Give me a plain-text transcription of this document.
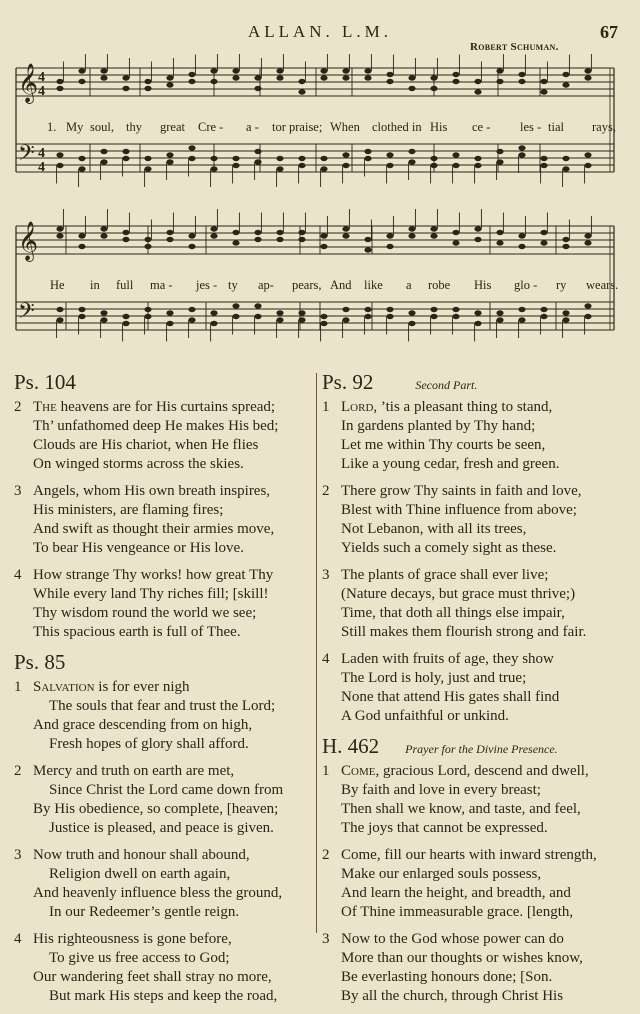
ALLAN. L.M.	67
Robert Schuman.
𝄞
𝄢
4
4
4
4
𝄞
𝄢
1. My soul, thy great Cre - a - tor praise; When clothed in His ce - les - tial rays,
He in full ma - jes - ty ap- pears, And like a robe His glo - ry wears.
Ps. 104
2 The heavens are for His curtains spread;
Th’ unfathomed deep He makes His bed;
Clouds are His chariot, when He flies
On winged storms across the skies.
3 Angels, whom His own breath inspires,
His ministers, are flaming fires;
And swift as thought their armies move,
To bear His vengeance or His love.
4 How strange Thy works! how great Thy
While every land Thy riches fill; [skill!
Thy wisdom round the world we see;
This spacious earth is full of Thee.
Ps. 85
1 Salvation is for ever nigh
The souls that fear and trust the Lord;
And grace descending from on high,
Fresh hopes of glory shall afford.
2 Mercy and truth on earth are met,
Since Christ the Lord came down from
By His obedience, so complete, [heaven;
Justice is pleased, and peace is given.
3 Now truth and honour shall abound,
Religion dwell on earth again,
And heavenly influence bless the ground,
In our Redeemer’s gentle reign.
4 His righteousness is gone before,
To give us free access to God;
Our wandering feet shall stray no more,
But mark His steps and keep the road,
Ps. 92	Second Part.
1 Lord, ’tis a pleasant thing to stand,
In gardens planted by Thy hand;
Let me within Thy courts be seen,
Like a young cedar, fresh and green.
2 There grow Thy saints in faith and love,
Blest with Thine influence from above;
Not Lebanon, with all its trees,
Yields such a comely sight as these.
3 The plants of grace shall ever live;
(Nature decays, but grace must thrive;)
Time, that doth all things else impair,
Still makes them flourish strong and fair.
4 Laden with fruits of age, they show
The Lord is holy, just and true;
None that attend His gates shall find
A God unfaithful or unkind.
H. 462 Prayer for the Divine Presence.
1 Come, gracious Lord, descend and dwell,
By faith and love in every breast;
Then shall we know, and taste, and feel,
The joys that cannot be expressed.
2 Come, fill our hearts with inward strength,
Make our enlarged souls possess,
And learn the height, and breadth, and
Of Thine immeasurable grace. [length,
3 Now to the God whose power can do
More than our thoughts or wishes know,
Be everlasting honours done; [Son.
By all the church, through Christ His
